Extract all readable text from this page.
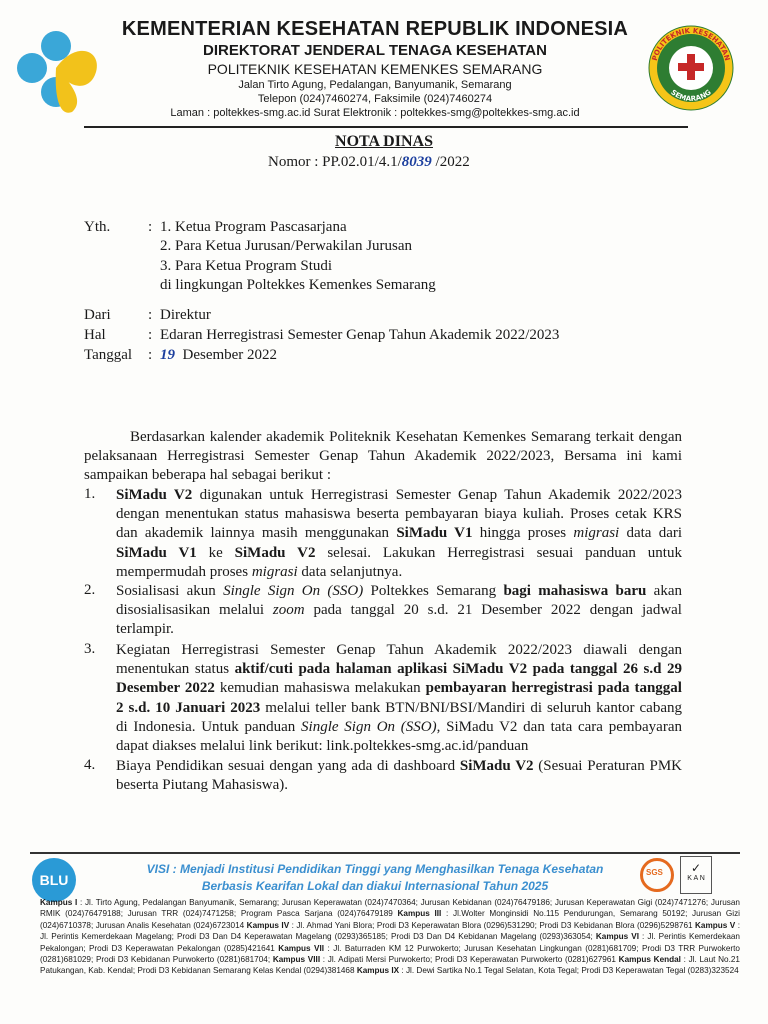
KEMENTERIAN KESEHATAN REPUBLIK INDONESIA
DIREKTORAT JENDERAL TENAGA KESEHATAN
POLITEKNIK KESEHATAN KEMENKES SEMARANG
Jalan Tirto Agung, Pedalangan, Banyumanik, Semarang
Telepon (024)7460274, Faksimile (024)7460274
Laman : poltekkes-smg.ac.id Surat Elektronik : poltekkes-smg@poltekkes-smg.ac.id
POLITEKNIK KESEHATAN
SEMARANG
NOTA DINAS
Nomor : PP.02.01/4.1/8039 /2022
Yth.	: 1. Ketua Program Pascasarjana
2. Para Ketua Jurusan/Perwakilan Jurusan
3. Para Ketua Program Studi
di lingkungan Poltekkes Kemenkes Semarang
Dari : Direktur
Hal	: Edaran Herregistrasi Semester Genap Tahun Akademik 2022/2023
Tanggal : 19 Desember 2022
Berdasarkan kalender akademik Politeknik Kesehatan Kemenkes Semarang terkait dengan pelaksanaan Herregistrasi Semester Genap Tahun Akademik 2022/2023, Bersama ini kami sampaikan beberapa hal sebagai berikut :
1. SiMadu V2 digunakan untuk Herregistrasi Semester Genap Tahun Akademik 2022/2023 dengan menentukan status mahasiswa beserta pembayaran biaya kuliah. Proses cetak KRS dan akademik lainnya masih menggunakan SiMadu V1 hingga proses migrasi data dari SiMadu V1 ke SiMadu V2 selesai. Lakukan Herregistrasi sesuai panduan untuk mempermudah proses migrasi data selanjutnya.
2. Sosialisasi akun Single Sign On (SSO) Poltekkes Semarang bagi mahasiswa baru akan disosialisasikan melalui zoom pada tanggal 20 s.d. 21 Desember 2022 dengan jadwal terlampir.
3. Kegiatan Herregistrasi Semester Genap Tahun Akademik 2022/2023 diawali dengan menentukan status aktif/cuti pada halaman aplikasi SiMadu V2 pada tanggal 26 s.d 29 Desember 2022 kemudian mahasiswa melakukan pembayaran herregistrasi pada tanggal 2 s.d. 10 Januari 2023 melalui teller bank BTN/BNI/BSI/Mandiri di seluruh kantor cabang di Indonesia. Untuk panduan Single Sign On (SSO), SiMadu V2 dan tata cara pembayaran dapat diakses melalui link berikut: link.poltekkes-smg.ac.id/panduan
4. Biaya Pendidikan sesuai dengan yang ada di dashboard SiMadu V2 (Sesuai Peraturan PMK beserta Piutang Mahasiswa).
BLU
VISI : Menjadi Institusi Pendidikan Tinggi yang Menghasilkan Tenaga Kesehatan
Berbasis Kearifan Lokal dan diakui Internasional Tahun 2025
SGS	✓
K A N
Kampus I : Jl. Tirto Agung, Pedalangan Banyumanik, Semarang; Jurusan Keperawatan (024)7470364; Jurusan Kebidanan (024)76479186; Jurusan Keperawatan Gigi (024)7471276; Jurusan RMIK (024)76479188; Jurusan TRR (024)7471258; Program Pasca Sarjana (024)76479189 Kampus III : Jl.Wolter Monginsidi No.115 Pendurungan, Semarang 50192; Jurusan Gizi (024)6710378; Jurusan Analis Kesehatan (024)6723014 Kampus IV : Jl. Ahmad Yani Blora; Prodi D3 Keperawatan Blora (0296)531290; Prodi D3 Kebidanan Blora (0296)5298761 Kampus V : Jl. Perintis Kemerdekaan Magelang; Prodi D3 Dan D4 Keperawatan Magelang (0293)365185; Prodi D3 Dan D4 Kebidanan Magelang (0293)363054; Kampus VI : Jl. Perintis Kemerdekaan Pekalongan; Prodi D3 Keperawatan Pekalongan (0285)421641 Kampus VII : Jl. Baturraden KM 12 Purwokerto; Jurusan Kesehatan Lingkungan (0281)681709; Prodi D3 TRR Purwokerto (0281)681029; Prodi D3 Kebidanan Purwokerto (0281)681704; Kampus VIII : Jl. Adipati Mersi Purwokerto; Prodi D3 Keperawatan Purwokerto (0281)627961 Kampus Kendal : Jl. Laut No.21 Patukangan, Kab. Kendal; Prodi D3 Kebidanan Semarang Kelas Kendal (0294)381468 Kampus IX : Jl. Dewi Sartika No.1 Tegal Selatan, Kota Tegal; Prodi D3 Keperawatan Tegal (0283)323524
